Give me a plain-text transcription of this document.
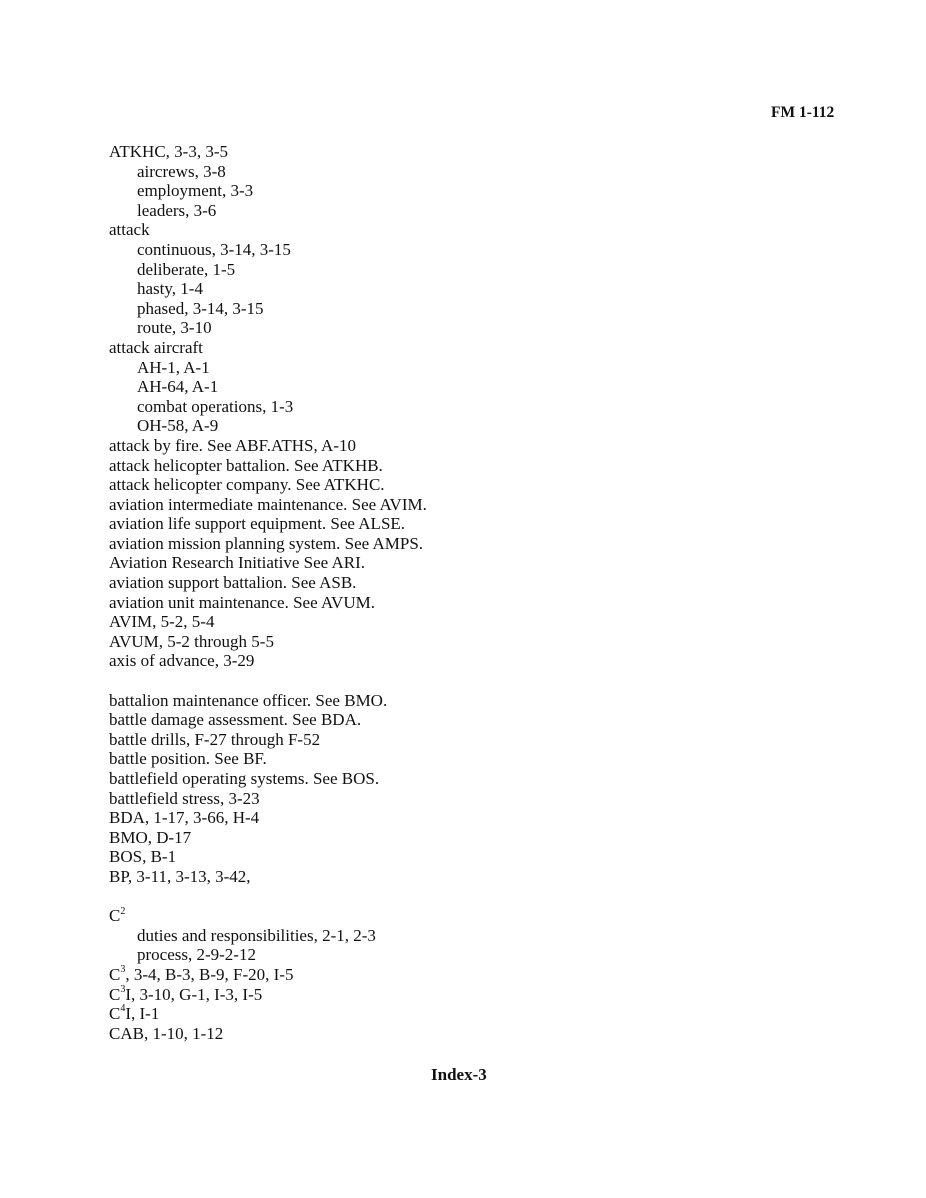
FM 1-112
ATKHC, 3-3, 3-5
aircrews, 3-8
employment, 3-3
leaders, 3-6
attack
continuous, 3-14, 3-15
deliberate, 1-5
hasty, 1-4
phased, 3-14, 3-15
route, 3-10
attack aircraft
AH-1, A-1
AH-64, A-1
combat operations, 1-3
OH-58, A-9
attack by fire. See ABF.ATHS, A-10
attack helicopter battalion. See ATKHB.
attack helicopter company. See ATKHC.
aviation intermediate maintenance. See AVIM.
aviation life support equipment. See ALSE.
aviation mission planning system. See AMPS.
Aviation Research Initiative See ARI.
aviation support battalion. See ASB.
aviation unit maintenance. See AVUM.
AVIM, 5-2, 5-4
AVUM, 5-2 through 5-5
axis of advance, 3-29
battalion maintenance officer. See BMO.
battle damage assessment. See BDA.
battle drills, F-27 through F-52
battle position. See BF.
battlefield operating systems. See BOS.
battlefield stress, 3-23
BDA, 1-17, 3-66, H-4
BMO, D-17
BOS, B-1
BP, 3-11, 3-13, 3-42,
$C^2$
duties and responsibilities, 2-1, 2-3
process, 2-9-2-12
$C^3$, 3-4, B-3, B-9, F-20, I-5
$C^3I$, 3-10, G-1, I-3, I-5
$C^4I$, I-1
CAB, 1-10, 1-12
Index-3
